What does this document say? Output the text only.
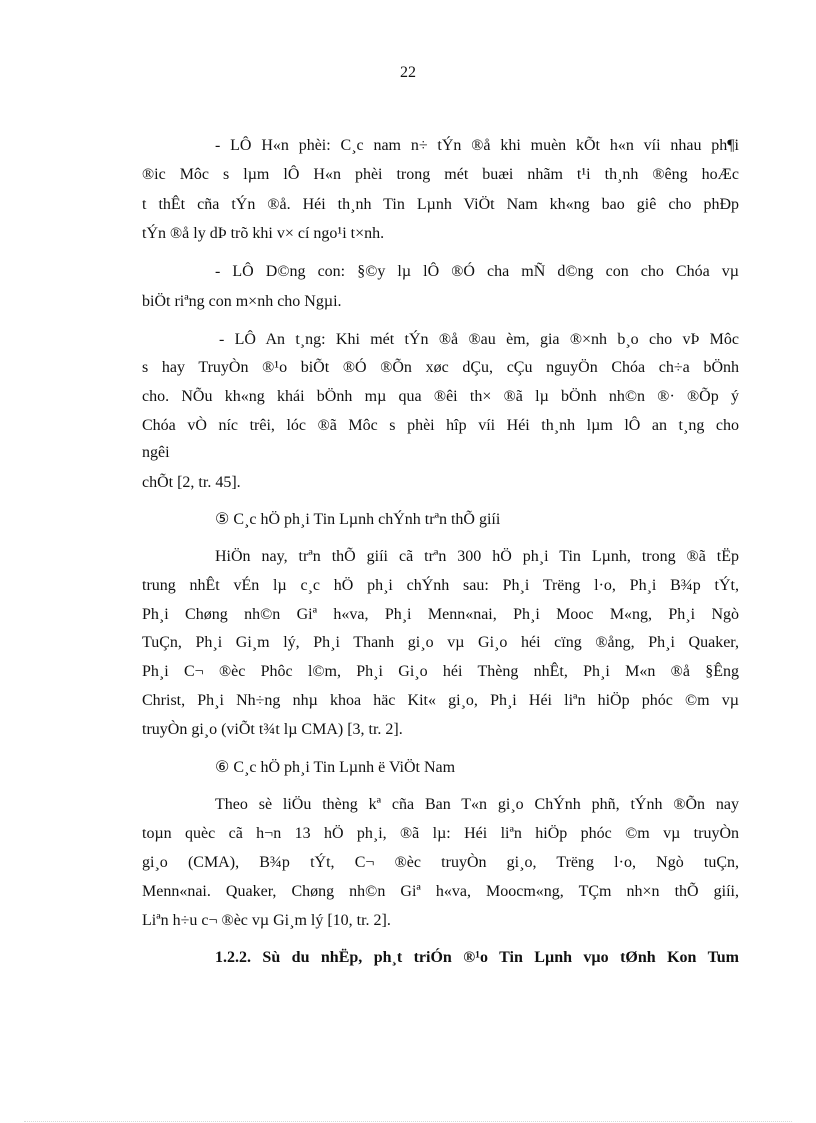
22
- LÔ H«n phèi: C¸c nam n÷ tÝn ®å khi muèn kÕt h«n víi nhau ph¶i
®ic Môc s lµm lÔ H«n phèi trong mét buæi nhãm t¹i th¸nh ®êng hoÆc
t thÊt cña tÝn ®å. Héi th¸nh Tin Lµnh ViÖt Nam kh«ng bao giê cho phÐp
tÝn ®å ly dÞ trõ khi v× cí ngo¹i t×nh.
- LÔ D©ng con: §©y lµ lÔ ®Ó cha mÑ d©ng con cho Chóa vµ
biÖt riªng con m×nh cho Ngµi.
- LÔ An t¸ng: Khi mét tÝn ®å ®au èm, gia ®×nh b¸o cho vÞ Môc
s hay TruyÒn ®¹o biÕt ®Ó ®Õn xøc dÇu, cÇu nguyÖn Chóa ch÷a bÖnh
cho. NÕu kh«ng khái bÖnh mµ qua ®êi th× ®ã lµ bÖnh nh©n ®· ®Õp ý
Chóa vÒ níc trêi, lóc ®ã Môc s phèi hîp víi Héi th¸nh lµm lÔ an t¸ng cho
ngêi
chÕt [2, tr. 45].
⑤ C¸c hÖ ph¸i Tin Lµnh chÝnh trªn thÕ giíi
HiÖn nay, trªn thÕ giíi cã trªn 300 hÖ ph¸i Tin Lµnh, trong ®ã tËp
trung nhÊt vÉn lµ c¸c hÖ ph¸i chÝnh sau: Ph¸i Trëng l·o, Ph¸i B¾p tÝt,
Ph¸i Chøng nh©n Giª h«va, Ph¸i Menn«nai, Ph¸i Mooc M«ng, Ph¸i Ngò
TuÇn, Ph¸i Gi¸m lý, Ph¸i Thanh gi¸o vµ Gi¸o héi cïng ®ång, Ph¸i Quaker,
Ph¸i C¬ ®èc Phôc l©m, Ph¸i Gi¸o héi Thèng nhÊt, Ph¸i M«n ®å §Êng
Christ, Ph¸i Nh÷ng nhµ khoa häc Kit« gi¸o, Ph¸i Héi liªn hiÖp phóc ©m vµ
truyÒn gi¸o (viÕt t¾t lµ CMA) [3, tr. 2].
⑥ C¸c hÖ ph¸i Tin Lµnh ë ViÖt Nam
Theo sè liÖu thèng kª cña Ban T«n gi¸o ChÝnh phñ, tÝnh ®Õn nay
toµn quèc cã h¬n 13 hÖ ph¸i, ®ã lµ: Héi liªn hiÖp phóc ©m vµ truyÒn
gi¸o (CMA), B¾p tÝt, C¬ ®èc truyÒn gi¸o, Trëng l·o, Ngò tuÇn,
Menn«nai. Quaker, Chøng nh©n Giª h«va, Moocm«ng, TÇm nh×n thÕ giíi,
Liªn h÷u c¬ ®èc vµ Gi¸m lý [10, tr. 2].
1.2.2. Sù du nhËp, ph¸t triÓn ®¹o Tin Lµnh vµo tØnh Kon Tum
